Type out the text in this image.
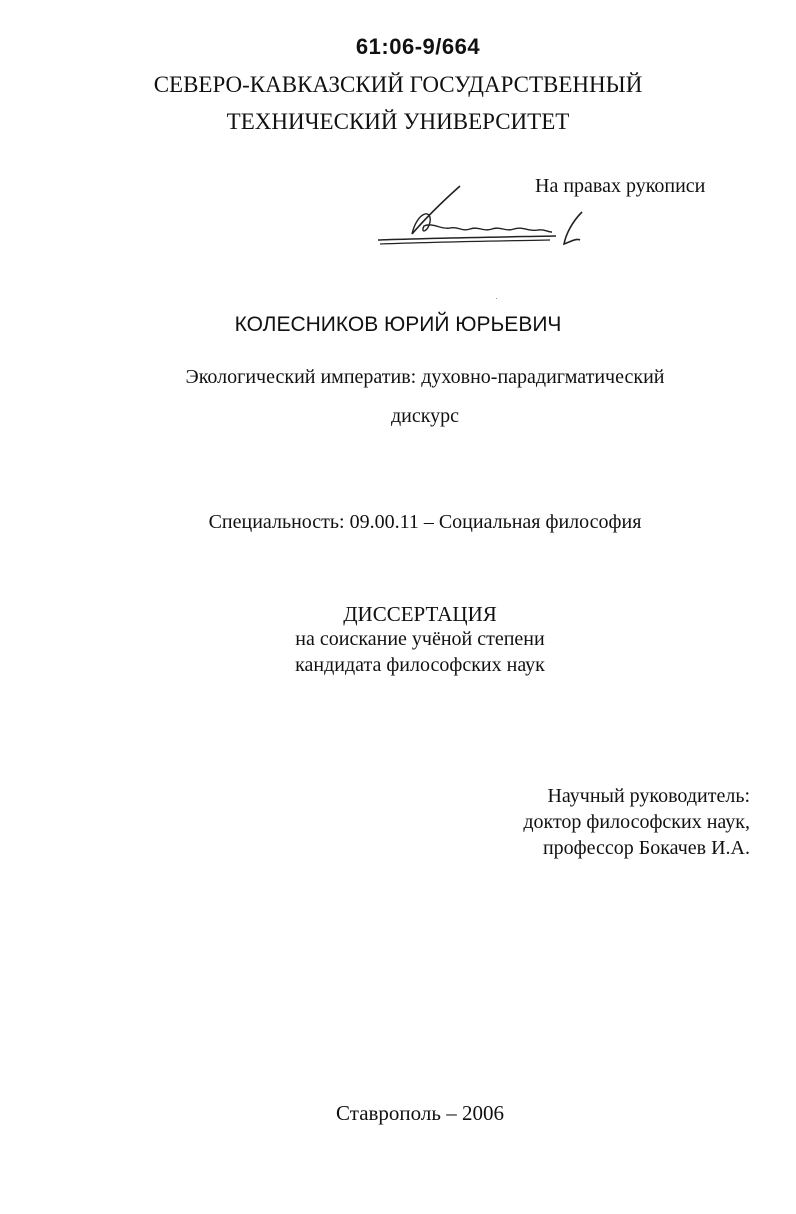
61:06-9/664
СЕВЕРО-КАВКАЗСКИЙ ГОСУДАРСТВЕННЫЙ
ТЕХНИЧЕСКИЙ УНИВЕРСИТЕТ
На правах рукописи
КОЛЕСНИКОВ ЮРИЙ ЮРЬЕВИЧ
Экологический императив: духовно-парадигматический
дискурс
Специальность: 09.00.11 – Социальная философия
ДИССЕРТАЦИЯ
на соискание учёной степени
кандидата философских наук
Научный руководитель:
доктор философских наук,
профессор Бокачев И.А.
Ставрополь – 2006
